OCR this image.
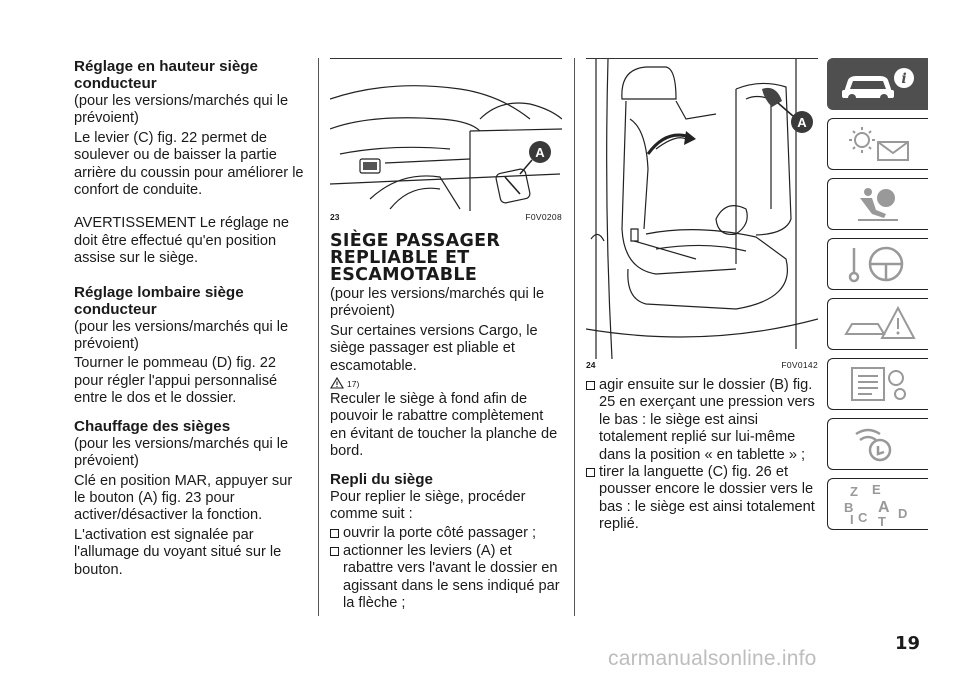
Réglage en hauteur siège conducteur

(pour les versions/marchés qui le prévoient)

Le levier (C) fig. 22 permet de soulever ou de baisser la partie arrière du coussin pour améliorer le confort de conduite.

AVERTISSEMENT Le réglage ne doit être effectué qu'en position assise sur le siège.

Réglage lombaire siège conducteur

(pour les versions/marchés qui le prévoient)

Tourner le pommeau (D) fig. 22 pour régler l'appui personnalisé entre le dos et le dossier.

Chauffage des sièges

(pour les versions/marchés qui le prévoient)

Clé en position MAR, appuyer sur le bouton (A) fig. 23 pour activer/désactiver la fonction.

L'activation est signalée par l'allumage du voyant situé sur le bouton.

A
23	F0V0208
SIÈGE PASSAGER REPLIABLE ET ESCAMOTABLE

(pour les versions/marchés qui le prévoient)

Sur certaines versions Cargo, le siège passager est pliable et escamotable.

17)

Reculer le siège à fond afin de pouvoir le rabattre complètement en évitant de toucher la planche de bord.

Repli du siège

Pour replier le siège, procéder comme suit :

ouvrir la porte côté passager ;
actionner les leviers (A) et rabattre vers l'avant le dossier en agissant dans le sens indiqué par la flèche ;
A
24	F0V0142
agir ensuite sur le dossier (B) fig. 25 en exerçant une pression vers le bas : le siège est ainsi totalement replié sur lui-même dans la position « en tablette » ;
tirer la languette (C) fig. 26 et pousser encore le dossier vers le bas : le siège est ainsi totalement replié.
i
Z E
B A
C D
I T
19
carmanualsonline.info
